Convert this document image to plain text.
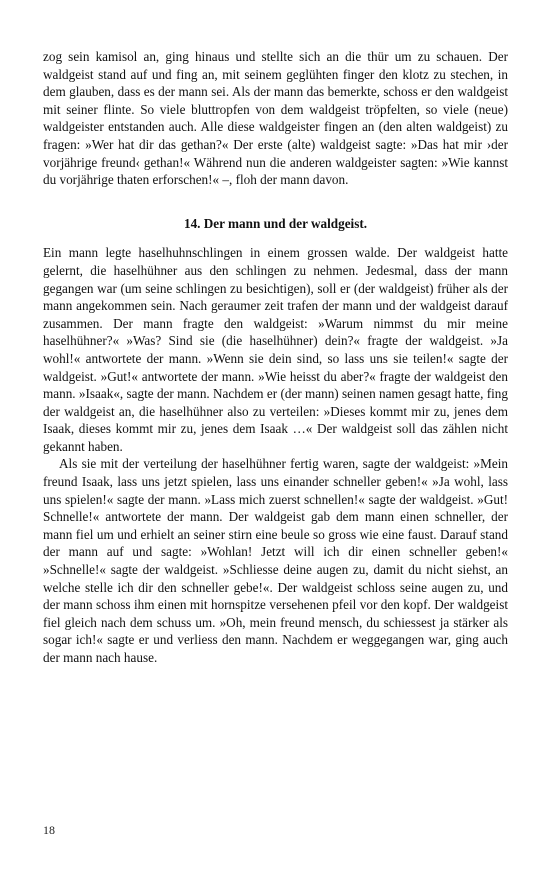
zog sein kamisol an, ging hinaus und stellte sich an die thür um zu schauen. Der waldgeist stand auf und fing an, mit seinem geglühten finger den klotz zu stechen, in dem glauben, dass es der mann sei. Als der mann das bemerkte, schoss er den waldgeist mit seiner flinte. So viele bluttropfen von dem waldgeist tröpfelten, so viele (neue) waldgeister entstanden auch. Alle diese waldgeister fingen an (den alten waldgeist) zu fragen: »Wer hat dir das gethan?« Der erste (alte) waldgeist sagte: »Das hat mir ›der vorjährige freund‹ gethan!« Während nun die anderen waldgeister sagten: »Wie kannst du vorjährige thaten erforschen!« –, floh der mann davon.

14. Der mann und der waldgeist.

Ein mann legte haselhuhnschlingen in einem grossen walde. Der waldgeist hatte gelernt, die haselhühner aus den schlingen zu nehmen. Jedesmal, dass der mann gegangen war (um seine schlingen zu besichtigen), soll er (der waldgeist) früher als der mann angekommen sein. Nach geraumer zeit trafen der mann und der waldgeist darauf zusammen. Der mann fragte den waldgeist: »Warum nimmst du mir meine haselhühner?« »Was? Sind sie (die haselhühner) dein?« fragte der waldgeist. »Ja wohl!« antwortete der mann. »Wenn sie dein sind, so lass uns sie teilen!« sagte der waldgeist. »Gut!« antwortete der mann. »Wie heisst du aber?« fragte der waldgeist den mann. »Isaak«, sagte der mann. Nachdem er (der mann) seinen namen gesagt hatte, fing der waldgeist an, die haselhühner also zu verteilen: »Dieses kommt mir zu, jenes dem Isaak, dieses kommt mir zu, jenes dem Isaak …« Der waldgeist soll das zählen nicht gekannt haben.

Als sie mit der verteilung der haselhühner fertig waren, sagte der waldgeist: »Mein freund Isaak, lass uns jetzt spielen, lass uns einander schneller geben!« »Ja wohl, lass uns spielen!« sagte der mann. »Lass mich zuerst schnellen!« sagte der waldgeist. »Gut! Schnelle!« antwortete der mann. Der waldgeist gab dem mann einen schneller, der mann fiel um und erhielt an seiner stirn eine beule so gross wie eine faust. Darauf stand der mann auf und sagte: »Wohlan! Jetzt will ich dir einen schneller geben!« »Schnelle!« sagte der waldgeist. »Schliesse deine augen zu, damit du nicht siehst, an welche stelle ich dir den schneller gebe!«. Der waldgeist schloss seine augen zu, und der mann schoss ihm einen mit hornspitze versehenen pfeil vor den kopf. Der waldgeist fiel gleich nach dem schuss um. »Oh, mein freund mensch, du schiessest ja stärker als sogar ich!« sagte er und verliess den mann. Nachdem er weggegangen war, ging auch der mann nach hause.

18
